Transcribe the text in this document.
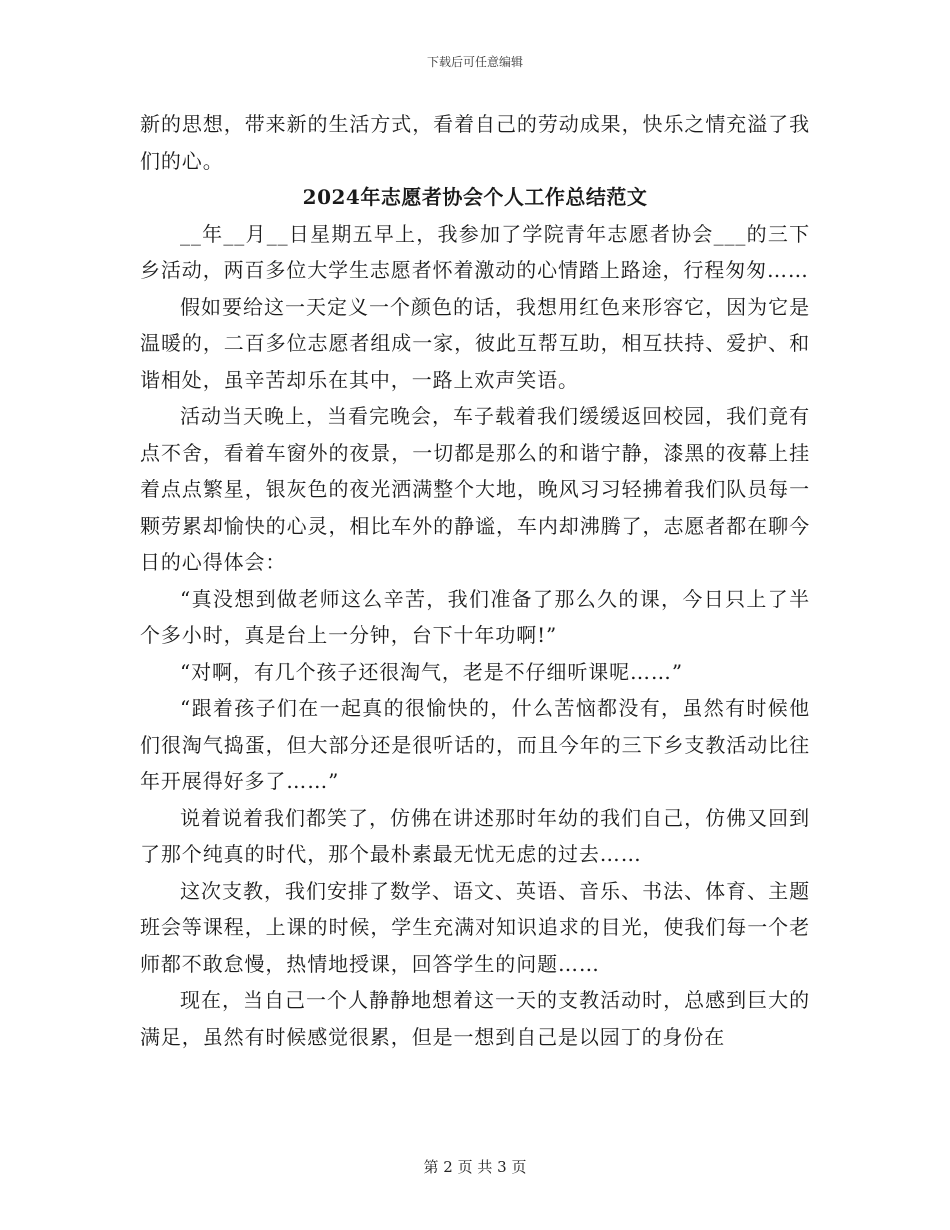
下载后可任意编辑

新的思想，带来新的生活方式，看着自己的劳动成果，快乐之情充溢了我们的心。

2024年志愿者协会个人工作总结范文

__年__月__日星期五早上，我参加了学院青年志愿者协会___的三下乡活动，两百多位大学生志愿者怀着激动的心情踏上路途，行程匆匆……

假如要给这一天定义一个颜色的话，我想用红色来形容它，因为它是温暖的，二百多位志愿者组成一家，彼此互帮互助，相互扶持、爱护、和谐相处，虽辛苦却乐在其中，一路上欢声笑语。

活动当天晚上，当看完晚会，车子载着我们缓缓返回校园，我们竟有点不舍，看着车窗外的夜景，一切都是那么的和谐宁静，漆黑的夜幕上挂着点点繁星，银灰色的夜光洒满整个大地，晚风习习轻拂着我们队员每一颗劳累却愉快的心灵，相比车外的静谧，车内却沸腾了，志愿者都在聊今日的心得体会：

“真没想到做老师这么辛苦，我们准备了那么久的课，今日只上了半个多小时，真是台上一分钟，台下十年功啊!”

“对啊，有几个孩子还很淘气，老是不仔细听课呢……”

“跟着孩子们在一起真的很愉快的，什么苦恼都没有，虽然有时候他们很淘气捣蛋，但大部分还是很听话的，而且今年的三下乡支教活动比往年开展得好多了……”

说着说着我们都笑了，仿佛在讲述那时年幼的我们自己，仿佛又回到了那个纯真的时代，那个最朴素最无忧无虑的过去……

这次支教，我们安排了数学、语文、英语、音乐、书法、体育、主题班会等课程，上课的时候，学生充满对知识追求的目光，使我们每一个老师都不敢怠慢，热情地授课，回答学生的问题……

现在，当自己一个人静静地想着这一天的支教活动时，总感到巨大的满足，虽然有时候感觉很累，但是一想到自己是以园丁的身份在

第 2 页 共 3 页
